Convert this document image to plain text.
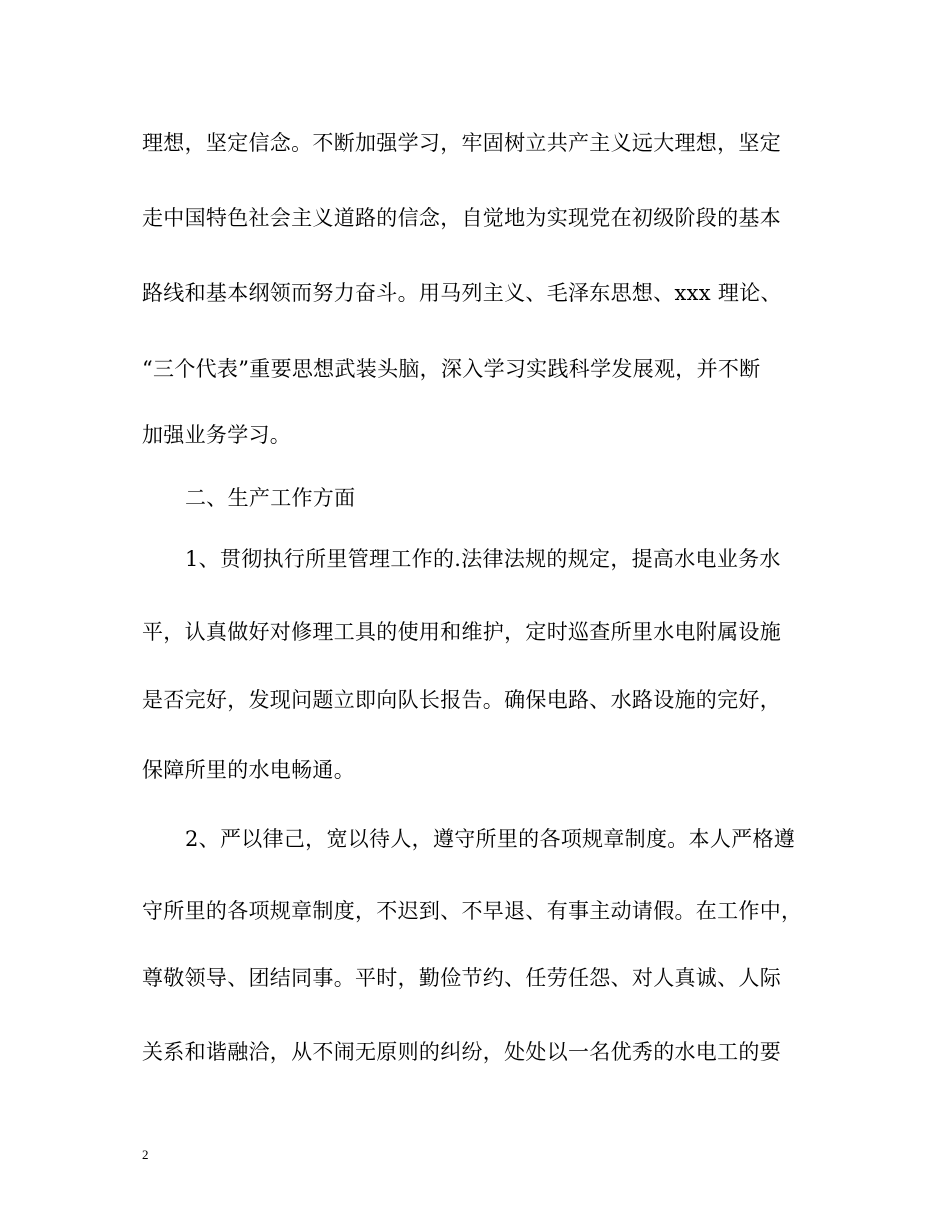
理想，坚定信念。不断加强学习，牢固树立共产主义远大理想，坚定
走中国特色社会主义道路的信念，自觉地为实现党在初级阶段的基本
路线和基本纲领而努力奋斗。用马列主义、毛泽东思想、xxx 理论、
“三个代表”重要思想武装头脑，深入学习实践科学发展观，并不断
加强业务学习。
二、生产工作方面
1、贯彻执行所里管理工作的.法律法规的规定，提高水电业务水
平，认真做好对修理工具的使用和维护，定时巡查所里水电附属设施
是否完好，发现问题立即向队长报告。确保电路、水路设施的完好，
保障所里的水电畅通。
2、严以律己，宽以待人，遵守所里的各项规章制度。本人严格遵
守所里的各项规章制度，不迟到、不早退、有事主动请假。在工作中，
尊敬领导、团结同事。平时，勤俭节约、任劳任怨、对人真诚、人际
关系和谐融洽，从不闹无原则的纠纷，处处以一名优秀的水电工的要
2
